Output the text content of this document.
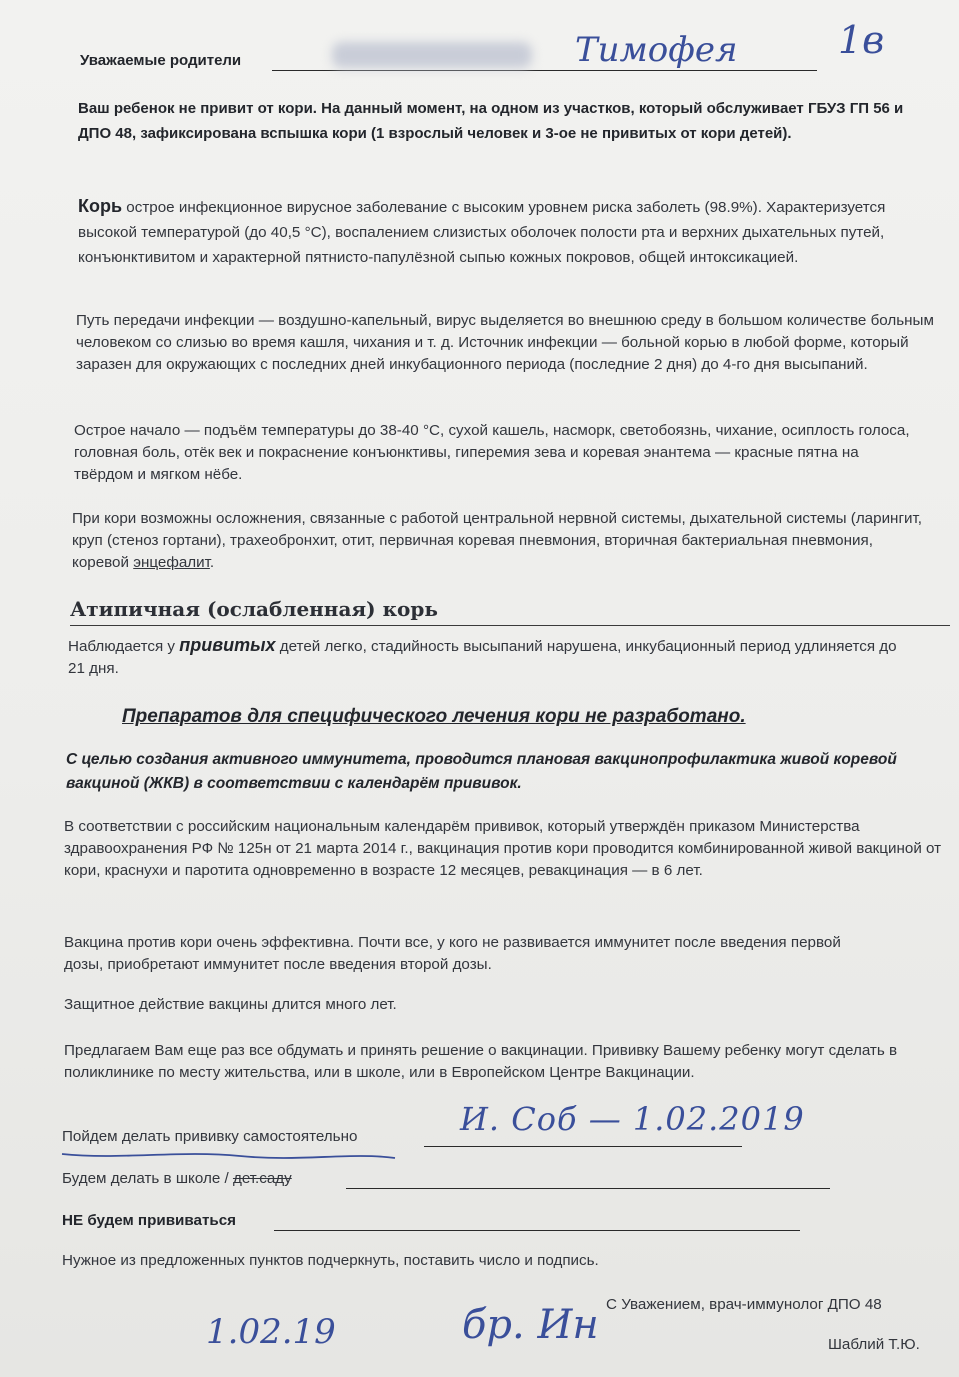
Уважаемые родители	Тимофея	1в

Ваш ребенок не привит от кори. На данный момент, на одном из участков, который обслуживает ГБУЗ ГП 56 и ДПО 48, зафиксирована вспышка кори (1 взрослый человек и 3-ое не привитых от кори детей).

Корь острое инфекционное вирусное заболевание с высоким уровнем риска заболеть (98.9%). Характеризуется высокой температурой (до 40,5 °С), воспалением слизистых оболочек полости рта и верхних дыхательных путей, конъюнктивитом и характерной пятнисто-папулёзной сыпью кожных покровов, общей интоксикацией.

Путь передачи инфекции — воздушно-капельный, вирус выделяется во внешнюю среду в большом количестве больным человеком со слизью во время кашля, чихания и т. д. Источник инфекции — больной корью в любой форме, который заразен для окружающих с последних дней инкубационного периода (последние 2 дня) до 4-го дня высыпаний.

Острое начало — подъём температуры до 38-40 °С, сухой кашель, насморк, светобоязнь, чихание, осиплость голоса, головная боль, отёк век и покраснение конъюнктивы, гиперемия зева и коревая энантема — красные пятна на твёрдом и мягком нёбе.

При кори возможны осложнения, связанные с работой центральной нервной системы, дыхательной системы (ларингит, круп (стеноз гортани), трахеобронхит, отит, первичная коревая пневмония, вторичная бактериальная пневмония, коревой энцефалит.

Атипичная (ослабленная) корь

Наблюдается у привитых детей легко, стадийность высыпаний нарушена, инкубационный период удлиняется до 21 дня.

Препаратов для специфического лечения кори не разработано.

С целью создания активного иммунитета, проводится плановая вакцинопрофилактика живой коревой вакциной (ЖКВ) в соответствии с календарём прививок.

В соответствии с российским национальным календарём прививок, который утверждён приказом Министерства здравоохранения РФ № 125н от 21 марта 2014 г., вакцинация против кори проводится комбинированной живой вакциной от кори, краснухи и паротита одновременно в возрасте 12 месяцев, ревакцинация — в 6 лет.

Вакцина против кори очень эффективна. Почти все, у кого не развивается иммунитет после введения первой дозы, приобретают иммунитет после введения второй дозы.

Защитное действие вакцины длится много лет.

Предлагаем Вам еще раз все обдумать и принять решение о вакцинации. Прививку Вашему ребенку могут сделать в поликлинике по месту жительства, или в школе, или в Европейском Центре Вакцинации.

Пойдем делать прививку самостоятельно	И. Соб — 1.02.2019

Будем делать в школе / дет.саду

НЕ будем прививаться

Нужное из предложенных пунктов подчеркнуть, поставить число и подпись.

С Уважением, врач-иммунолог ДПО 48

Шаблий Т.Ю.

1.02.19	бр. Ин
